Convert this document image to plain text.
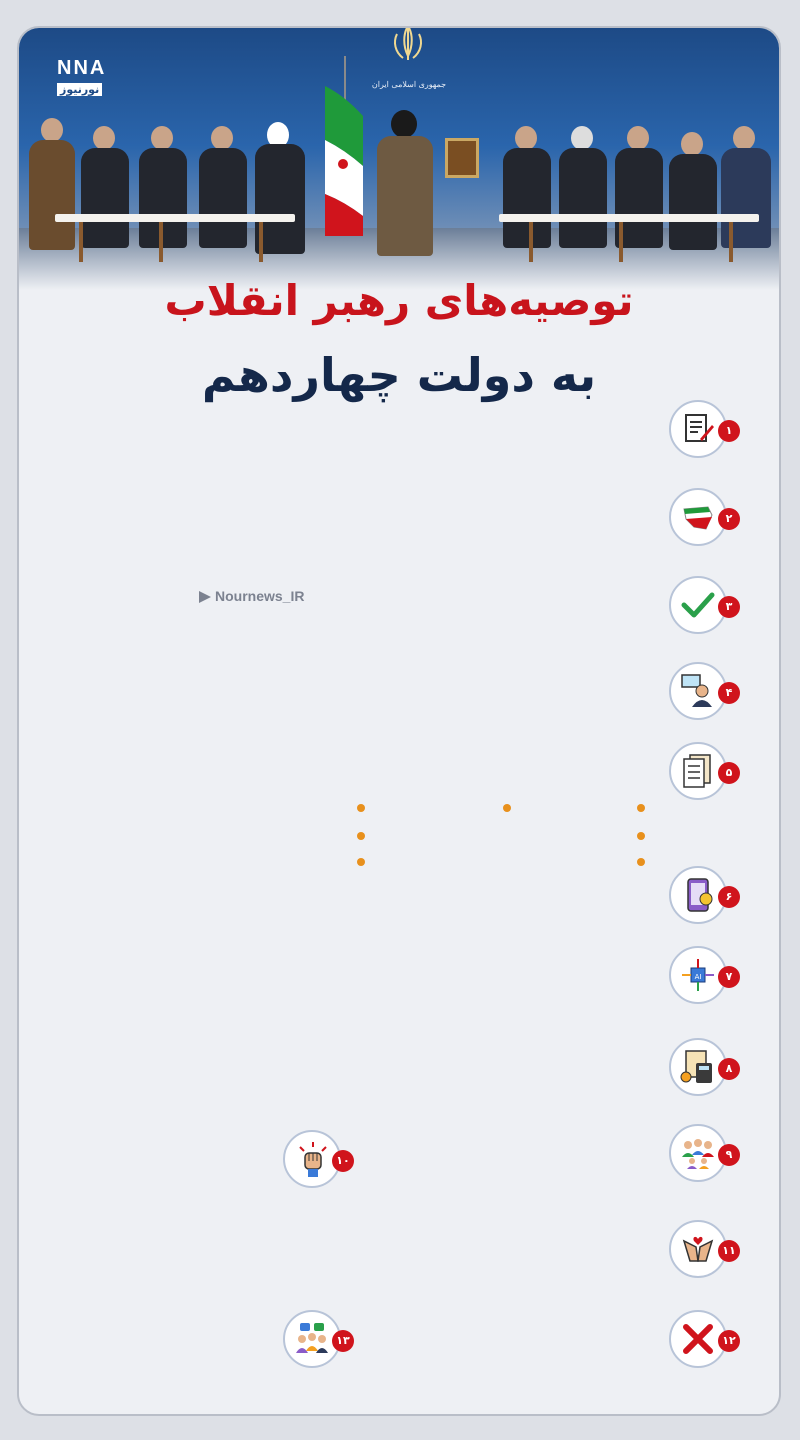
NNA
نورنیوز	جمهوری اسلامی ایران
توصیه‌های رهبر انقلاب
به دولت چهاردهم
Nournews_IR
۱
۲
۳
۴
۵
۶
AI	۷
۸
۹
۱۰
۱۱
۱۲
۱۳
